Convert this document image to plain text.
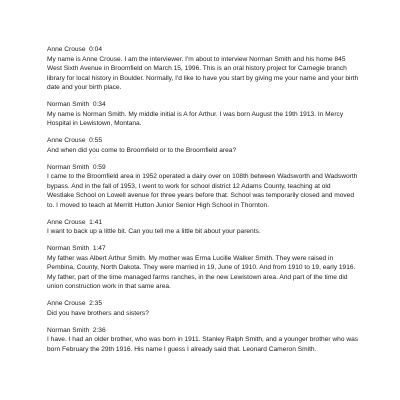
Anne Crouse 0:04

My name is Anne Crouse. I am the interviewer. I'm about to interview Norman Smith and his home 845 West Sixth Avenue in Broomfield on March 15, 1996. This is an oral history project for Carnegie branch library for local history in Boulder. Normally, I'd like to have you start by giving me your name and your birth date and your birth place.

Norman Smith 0:34

My name is Norman Smith. My middle initial is A for Arthur. I was born August the 19th 1913. In Mercy Hospital in Lewistown, Montana.

Anne Crouse 0:55

And when did you come to Broomfield or to the Broomfield area?

Norman Smith 0:59

I came to the Broomfield area in 1952 operated a dairy over on 108th between Wadsworth and Wadsworth bypass. And in the fall of 1953, I went to work for school district 12 Adams County, teaching at old Westlake School on Lowell avenue for three years before that. School was temporarily closed and moved to. I moved to teach at Merritt Hutton Junior Senior High School in Thornton.

Anne Crouse 1:41

I want to back up a little bit. Can you tell me a little bit about your parents.

Norman Smith 1:47

My father was Albert Arthur Smith. My mother was Erma Lucille Walker Smith. They were raised in Pembina, County, North Dakota. They were married in 19, June of 1910. And from 1910 to 19, early 1916. My father, part of the time managed farms ranches, in the new Lewistown area. And part of the time did union construction work in that same area.

Anne Crouse 2:35

Did you have brothers and sisters?

Norman Smith 2:36

I have. I had an older brother, who was born in 1911. Stanley Ralph Smith, and a younger brother who was born February the 29th 1916. His name I guess I already said that. Leonard Cameron Smith.
